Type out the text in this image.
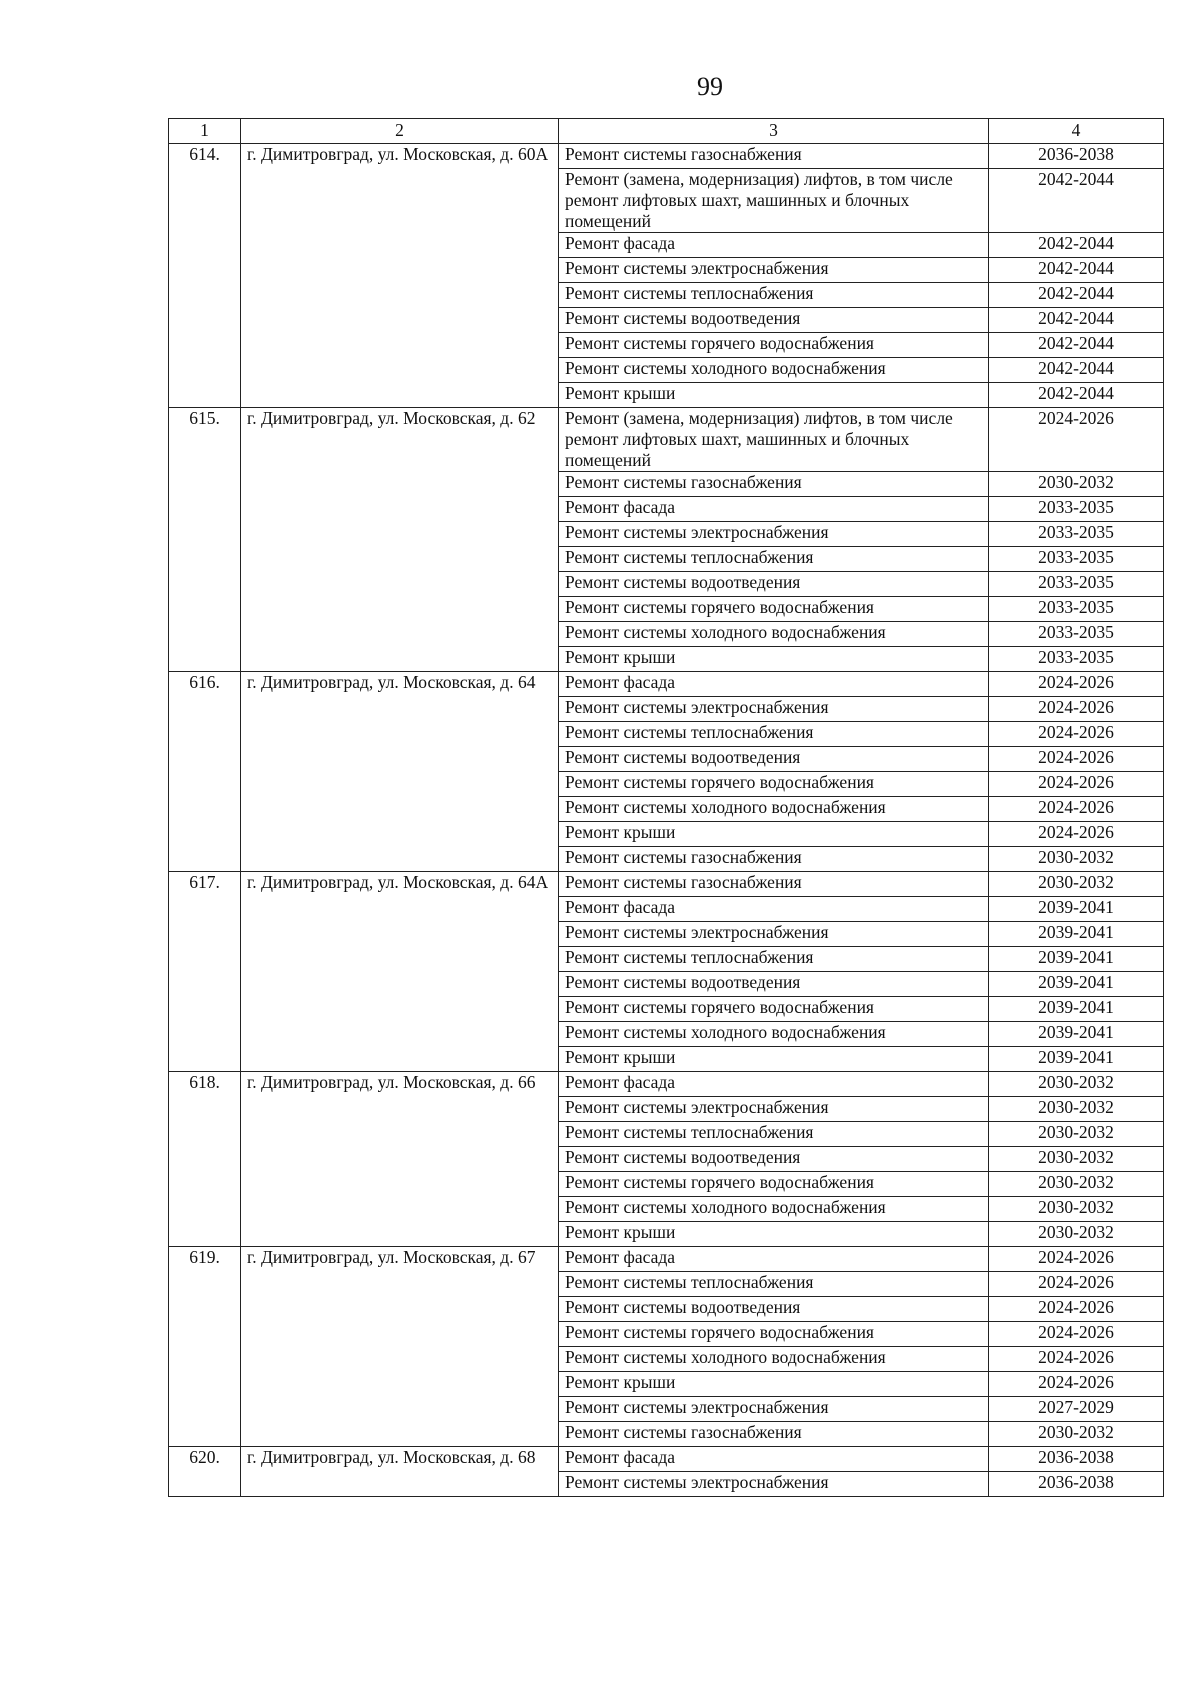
99
1	2	3	4
614.	г. Димитровград, ул. Московская, д. 60А	Ремонт системы газоснабжения	2036-2038
		Ремонт (замена, модернизация) лифтов, в том числе ремонт лифтовых шахт, машинных и блочных помещений	2042-2044
		Ремонт фасада	2042-2044
		Ремонт системы электроснабжения	2042-2044
		Ремонт системы теплоснабжения	2042-2044
		Ремонт системы водоотведения	2042-2044
		Ремонт системы горячего водоснабжения	2042-2044
		Ремонт системы холодного водоснабжения	2042-2044
		Ремонт крыши	2042-2044
615.	г. Димитровград, ул. Московская, д. 62	Ремонт (замена, модернизация) лифтов, в том числе ремонт лифтовых шахт, машинных и блочных помещений	2024-2026
		Ремонт системы газоснабжения	2030-2032
		Ремонт фасада	2033-2035
		Ремонт системы электроснабжения	2033-2035
		Ремонт системы теплоснабжения	2033-2035
		Ремонт системы водоотведения	2033-2035
		Ремонт системы горячего водоснабжения	2033-2035
		Ремонт системы холодного водоснабжения	2033-2035
		Ремонт крыши	2033-2035
616.	г. Димитровград, ул. Московская, д. 64	Ремонт фасада	2024-2026
		Ремонт системы электроснабжения	2024-2026
		Ремонт системы теплоснабжения	2024-2026
		Ремонт системы водоотведения	2024-2026
		Ремонт системы горячего водоснабжения	2024-2026
		Ремонт системы холодного водоснабжения	2024-2026
		Ремонт крыши	2024-2026
		Ремонт системы газоснабжения	2030-2032
617.	г. Димитровград, ул. Московская, д. 64А	Ремонт системы газоснабжения	2030-2032
		Ремонт фасада	2039-2041
		Ремонт системы электроснабжения	2039-2041
		Ремонт системы теплоснабжения	2039-2041
		Ремонт системы водоотведения	2039-2041
		Ремонт системы горячего водоснабжения	2039-2041
		Ремонт системы холодного водоснабжения	2039-2041
		Ремонт крыши	2039-2041
618.	г. Димитровград, ул. Московская, д. 66	Ремонт фасада	2030-2032
		Ремонт системы электроснабжения	2030-2032
		Ремонт системы теплоснабжения	2030-2032
		Ремонт системы водоотведения	2030-2032
		Ремонт системы горячего водоснабжения	2030-2032
		Ремонт системы холодного водоснабжения	2030-2032
		Ремонт крыши	2030-2032
619.	г. Димитровград, ул. Московская, д. 67	Ремонт фасада	2024-2026
		Ремонт системы теплоснабжения	2024-2026
		Ремонт системы водоотведения	2024-2026
		Ремонт системы горячего водоснабжения	2024-2026
		Ремонт системы холодного водоснабжения	2024-2026
		Ремонт крыши	2024-2026
		Ремонт системы электроснабжения	2027-2029
		Ремонт системы газоснабжения	2030-2032
620.	г. Димитровград, ул. Московская, д. 68	Ремонт фасада	2036-2038
		Ремонт системы электроснабжения	2036-2038
